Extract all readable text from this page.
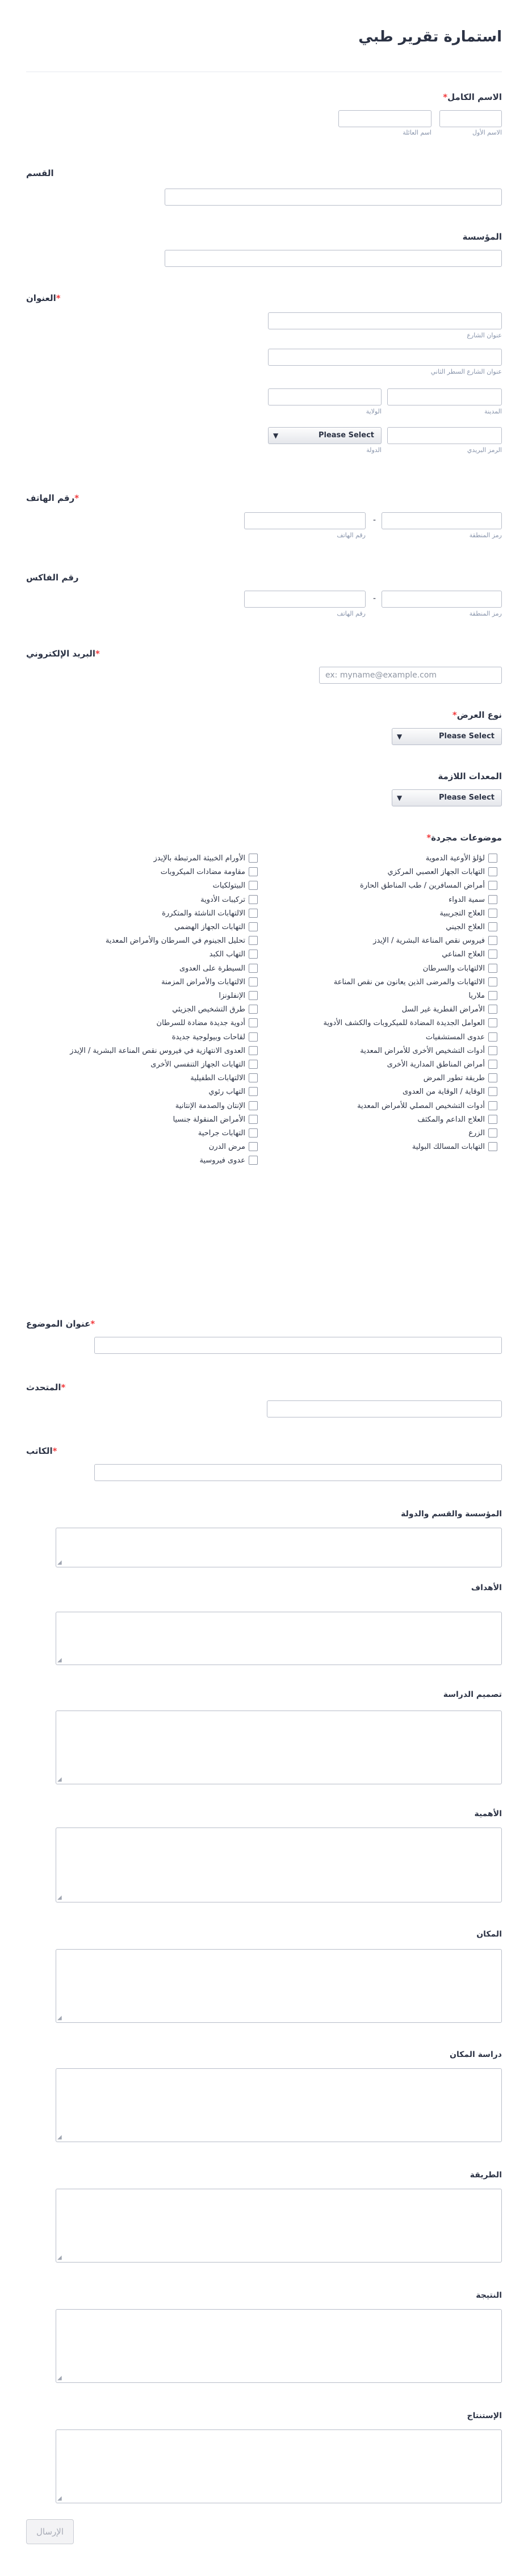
استمارة تقرير طبي
الاسم الكامل*
الاسم الأول
اسم العائلة
القسم
المؤسسة
*العنوان
عنوان الشارع
عنوان الشارع السطر الثاني
المدينة
الولاية
الرمز البريدي
▼	Please Select
الدولة
*رقم الهاتف
رمز المنطقة
-
رقم الهاتف
رقم الفاكس
رمز المنطقة
-
رقم الهاتف
*البريد الإلكتروني
ex: myname@example.com
نوع العرض*
▼	Please Select
المعدات اللازمة
▼	Please Select
موضوعات مجردة*
لؤلؤ الأوعية الدموية
التهابات الجهاز العصبي المركزي
أمراض المسافرين / طب المناطق الحارة
سمية الدواء
العلاج التجريبية
العلاج الجيني
فيروس نقص المناعة البشرية / الإيدز
العلاج المناعي
الالتهابات والسرطان
الالتهابات والمرضى الذين يعانون من نقص المناعة
ملاريا
الأمراض الفطرية غير السل
العوامل الجديدة المضادة للميكروبات والكشف الأدوية
عدوى المستشفيات
أدوات التشخيص الأخرى للأمراض المعدية
أمراض المناطق المدارية الأخرى
طريقة تطور المرض
الوقاية / الوقاية من العدوى
أدوات التشخيص المصلي للأمراض المعدية
العلاج الداعم والمكثف
الزرع
التهابات المسالك البولية
الأورام الخبيثة المرتبطة بالإيدز
مقاومة مضادات الميكروبات
البيتولكيات
تركيبات الأدوية
الالتهابات الناشئة والمتكررة
التهابات الجهاز الهضمي
تحليل الجينوم في السرطان والأمراض المعدية
التهاب الكبد
السيطرة على العدوى
الالتهابات والأمراض المزمنة
الإنفلونزا
طرق التشخيص الجزيئي
أدوية جديدة مضادة للسرطان
لقاحات وبيولوجية جديدة
العدوى الانتهازية في فيروس نقص المناعة البشرية / الإيدز
التهابات الجهاز التنفسي الأخرى
الالتهابات الطفيلية
التهاب رئوي
الإنتان والصدمة الإنتانية
الأمراض المنقولة جنسيا
التهابات جراحية
مرض الدرن
عدوى فيروسية
*عنوان الموضوع
*المتحدث
*الكاتب
المؤسسة والقسم والدولة
◢
الأهداف
◢
تصميم الدراسة
◢
الأهمية
◢
المكان
◢
دراسة المكان
◢
الطريقة
◢
النتيجة
◢
الإستنتاج
◢
الإرسال
